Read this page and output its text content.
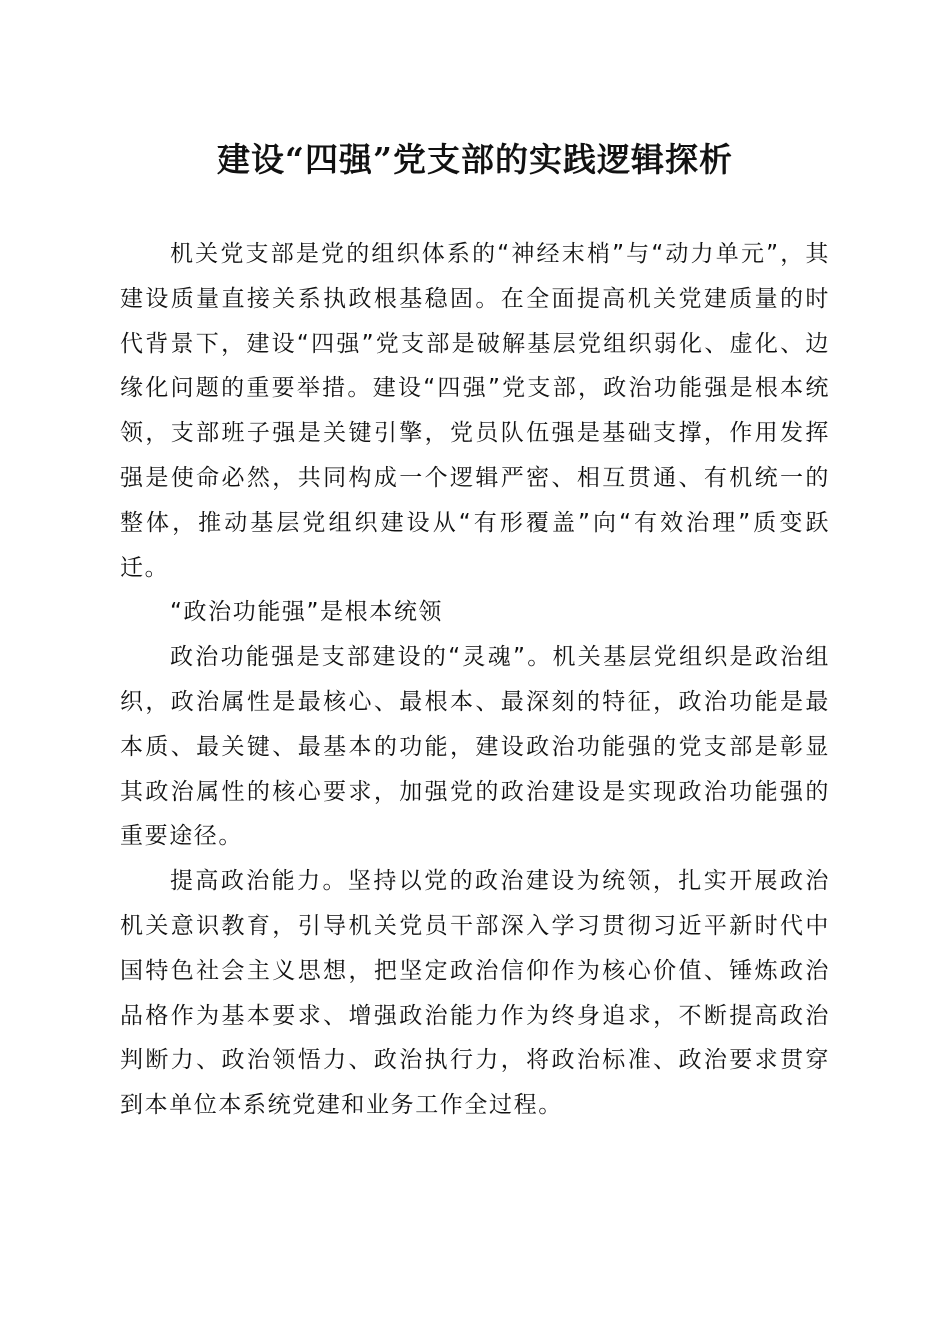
建设“四强”党支部的实践逻辑探析

机关党支部是党的组织体系的“神经末梢”与“动力单元”，其建设质量直接关系执政根基稳固。在全面提高机关党建质量的时代背景下，建设“四强”党支部是破解基层党组织弱化、虚化、边缘化问题的重要举措。建设“四强”党支部，政治功能强是根本统领，支部班子强是关键引擎，党员队伍强是基础支撑，作用发挥强是使命必然，共同构成一个逻辑严密、相互贯通、有机统一的整体，推动基层党组织建设从“有形覆盖”向“有效治理”质变跃迁。

“政治功能强”是根本统领

政治功能强是支部建设的“灵魂”。机关基层党组织是政治组织，政治属性是最核心、最根本、最深刻的特征，政治功能是最本质、最关键、最基本的功能，建设政治功能强的党支部是彰显其政治属性的核心要求，加强党的政治建设是实现政治功能强的重要途径。

提高政治能力。坚持以党的政治建设为统领，扎实开展政治机关意识教育，引导机关党员干部深入学习贯彻习近平新时代中国特色社会主义思想，把坚定政治信仰作为核心价值、锤炼政治品格作为基本要求、增强政治能力作为终身追求，不断提高政治判断力、政治领悟力、政治执行力，将政治标准、政治要求贯穿到本单位本系统党建和业务工作全过程。
